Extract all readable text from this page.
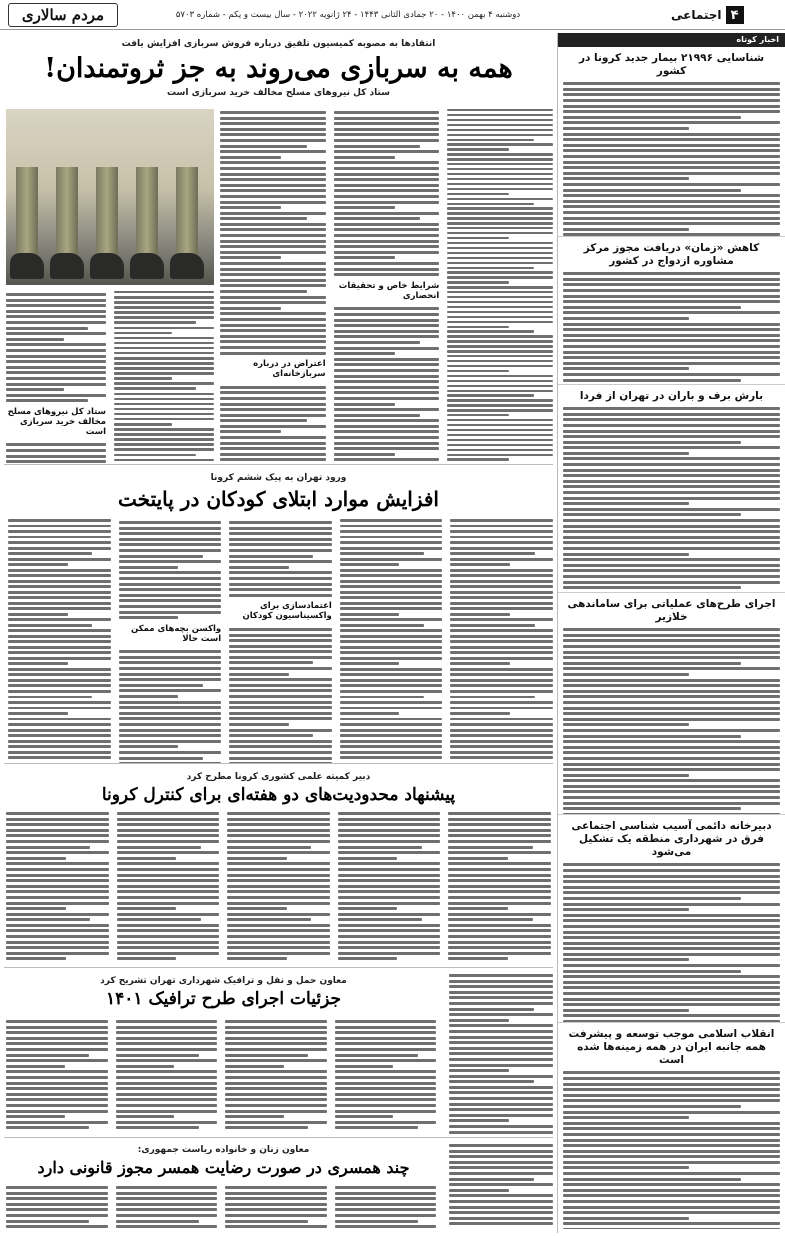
مردم سالاری	دوشنبه ۴ بهمن ۱۴۰۰ - ۲۰ جمادی الثانی ۱۴۴۳ - ۲۴ ژانویه ۲۰۲۲ - سال بیست و یکم - شماره ۵۷۰۳	۴
اجتماعی
اخبار کوتاه
شناسایی ۲۱۹۹۶ بیمار جدید کرونا در کشور
کاهش «زمان» دریافت مجوز مرکز مشاوره ازدواج در کشور
بارش برف و باران در تهران از فردا
اجرای طرح‌های عملیاتی برای ساماندهی خلازیر
دبیرخانه دائمی آسیب شناسی اجتماعی فرق در شهرداری منطقه یک تشکیل می‌شود
انقلاب اسلامی موجب توسعه و پیشرفت همه جانبه ایران در همه زمینه‌ها شده است
انتقادها به مصوبه کمیسیون تلفیق درباره فروش سربازی افزایش یافت
همه به سربازی می‌روند به جز ثروتمندان!
ستاد کل نیروهای مسلح مخالف خرید سربازی است
شرایط خاص و تحقیقات انحصاری
اعتراض در درباره سربازخانه‌ای
ستاد کل نیروهای مسلح مخالف خرید سربازی است
ورود تهران به پیک ششم کرونا
افزایش موارد ابتلای کودکان در پایتخت
اعتمادسازی برای واکسیناسیون کودکان
واکسن بچه‌های ممکن است حالا
دبیر کمیته علمی کشوری کرونا مطرح کرد
پیشنهاد محدودیت‌های دو هفته‌ای برای کنترل کرونا
معاون حمل و نقل و ترافیک شهرداری تهران تشریح کرد
جزئیات اجرای طرح ترافیک ۱۴۰۱
معاون زنان و خانواده ریاست جمهوری:
چند همسری در صورت رضایت همسر مجوز قانونی دارد
